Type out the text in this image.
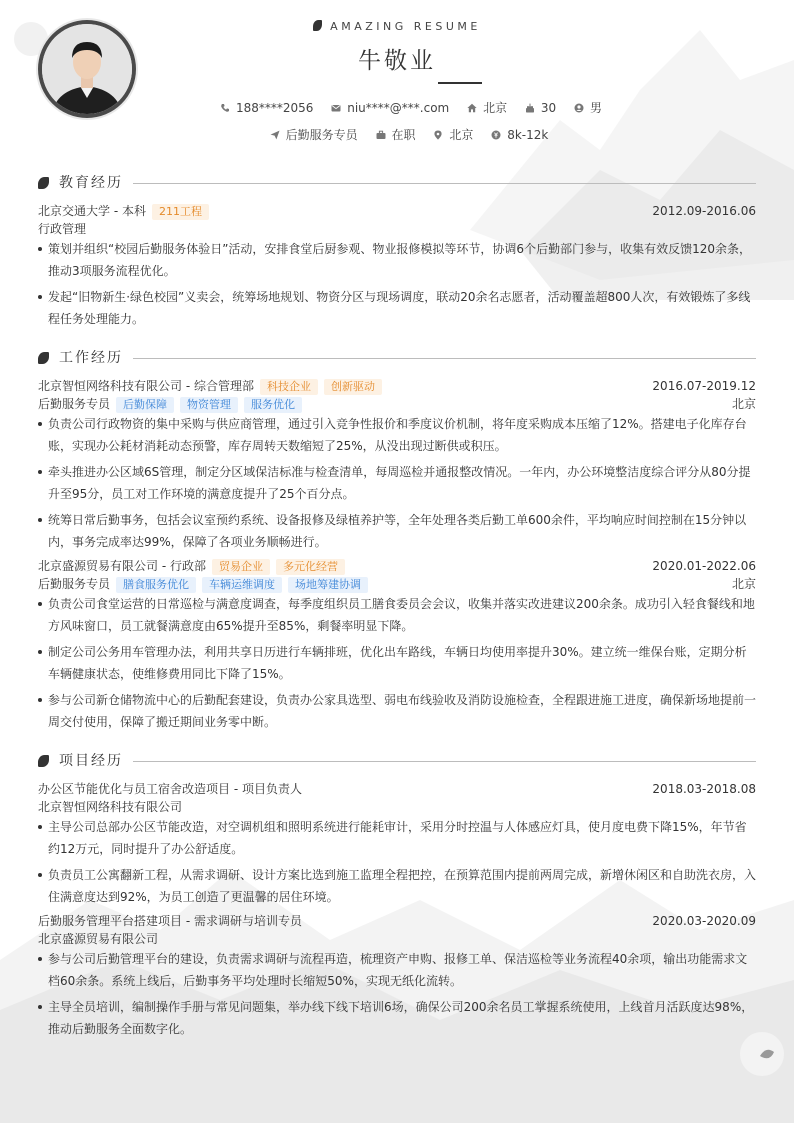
AMAZING RESUME
牛敬业
188****2056	niu****@***.com	北京	30	男
后勤服务专员	在职	北京	8k-12k
教育经历
北京交通大学 - 本科 211工程	2012.09-2016.06
行政管理
策划并组织“校园后勤服务体验日”活动，安排食堂后厨参观、物业报修模拟等环节，协调6个后勤部门参与，收集有效反馈120余条，推动3项服务流程优化。
发起“旧物新生·绿色校园”义卖会，统筹场地规划、物资分区与现场调度，联动20余名志愿者，活动覆盖超800人次，有效锻炼了多线程任务处理能力。
工作经历
北京智恒网络科技有限公司 - 综合管理部 科技企业 创新驱动	2016.07-2019.12
后勤服务专员 后勤保障 物资管理 服务优化	北京
负责公司行政物资的集中采购与供应商管理，通过引入竞争性报价和季度议价机制，将年度采购成本压缩了12%。搭建电子化库存台账，实现办公耗材消耗动态预警，库存周转天数缩短了25%，从没出现过断供或积压。
牵头推进办公区域6S管理，制定分区域保洁标准与检查清单，每周巡检并通报整改情况。一年内，办公环境整洁度综合评分从80分提升至95分，员工对工作环境的满意度提升了25个百分点。
统筹日常后勤事务，包括会议室预约系统、设备报修及绿植养护等，全年处理各类后勤工单600余件，平均响应时间控制在15分钟以内，事务完成率达99%，保障了各项业务顺畅进行。
北京盛源贸易有限公司 - 行政部 贸易企业 多元化经营	2020.01-2022.06
后勤服务专员 膳食服务优化 车辆运维调度 场地筹建协调	北京
负责公司食堂运营的日常巡检与满意度调查，每季度组织员工膳食委员会会议，收集并落实改进建议200余条。成功引入轻食餐线和地方风味窗口，员工就餐满意度由65%提升至85%，剩餐率明显下降。
制定公司公务用车管理办法，利用共享日历进行车辆排班，优化出车路线，车辆日均使用率提升30%。建立统一维保台账，定期分析车辆健康状态，使维修费用同比下降了15%。
参与公司新仓储物流中心的后勤配套建设，负责办公家具选型、弱电布线验收及消防设施检查，全程跟进施工进度，确保新场地提前一周交付使用，保障了搬迁期间业务零中断。
项目经历
办公区节能优化与员工宿舍改造项目 - 项目负责人	2018.03-2018.08
北京智恒网络科技有限公司
主导公司总部办公区节能改造，对空调机组和照明系统进行能耗审计，采用分时控温与人体感应灯具，使月度电费下降15%，年节省约12万元，同时提升了办公舒适度。
负责员工公寓翻新工程，从需求调研、设计方案比选到施工监理全程把控，在预算范围内提前两周完成，新增休闲区和自助洗衣房，入住满意度达到92%，为员工创造了更温馨的居住环境。
后勤服务管理平台搭建项目 - 需求调研与培训专员	2020.03-2020.09
北京盛源贸易有限公司
参与公司后勤管理平台的建设，负责需求调研与流程再造，梳理资产申购、报修工单、保洁巡检等业务流程40余项，输出功能需求文档60余条。系统上线后，后勤事务平均处理时长缩短50%，实现无纸化流转。
主导全员培训，编制操作手册与常见问题集，举办线下线下培训6场，确保公司200余名员工掌握系统使用，上线首月活跃度达98%，推动后勤服务全面数字化。
